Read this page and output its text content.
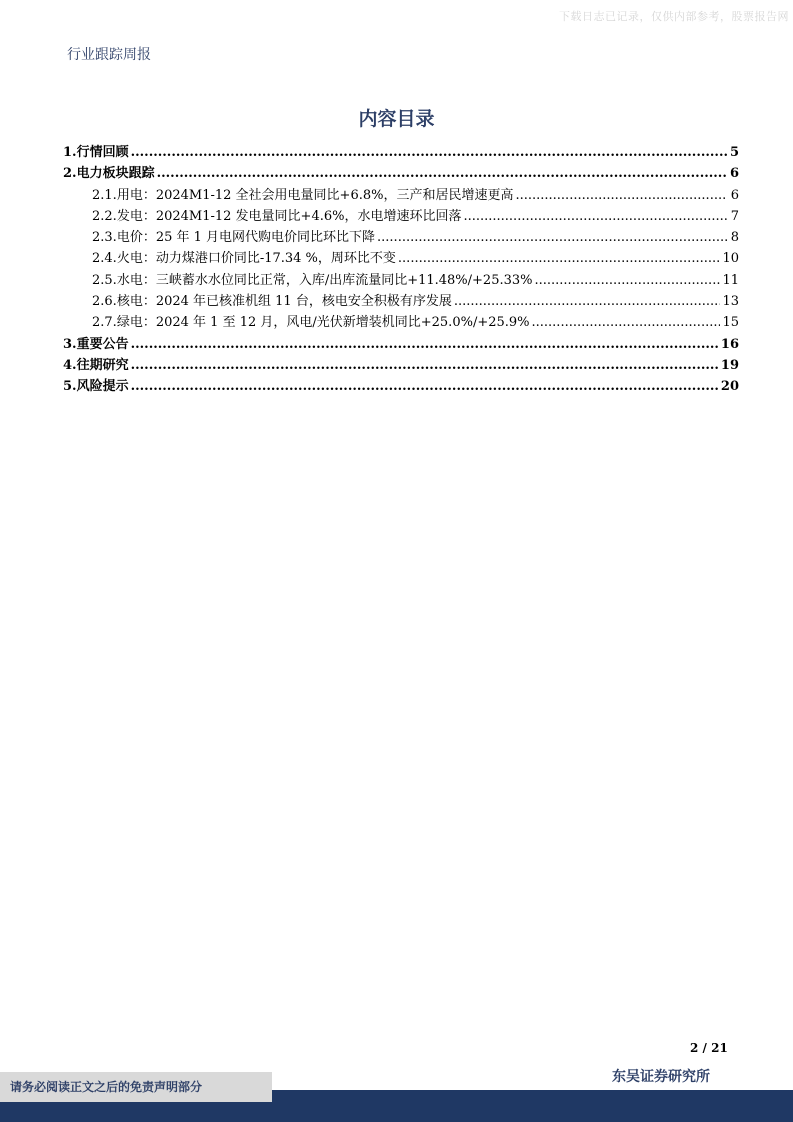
下载日志已记录，仅供内部参考，股票报告网
行业跟踪周报
内容目录
1. 行情回顾 .....	5
2. 电力板块跟踪 .....	6
2.1. 用电：2024M1-12 全社会用电量同比+6.8%，三产和居民增速更高 .....	6
2.2. 发电：2024M1-12 发电量同比+4.6%，水电增速环比回落 .....	7
2.3. 电价：25 年 1 月电网代购电价同比环比下降 .....	8
2.4. 火电：动力煤港口价同比-17.34 %，周环比不变 .....	10
2.5. 水电：三峡蓄水水位同比正常，入库/出库流量同比+11.48%/+25.33% .....	11
2.6. 核电：2024 年已核准机组 11 台，核电安全积极有序发展 .....	13
2.7. 绿电：2024 年 1 至 12 月，风电/光伏新增装机同比+25.0%/+25.9% .....	15
3. 重要公告 .....	16
4. 往期研究 .....	19
5. 风险提示 .....	20
2 / 21
请务必阅读正文之后的免责声明部分
东吴证券研究所
